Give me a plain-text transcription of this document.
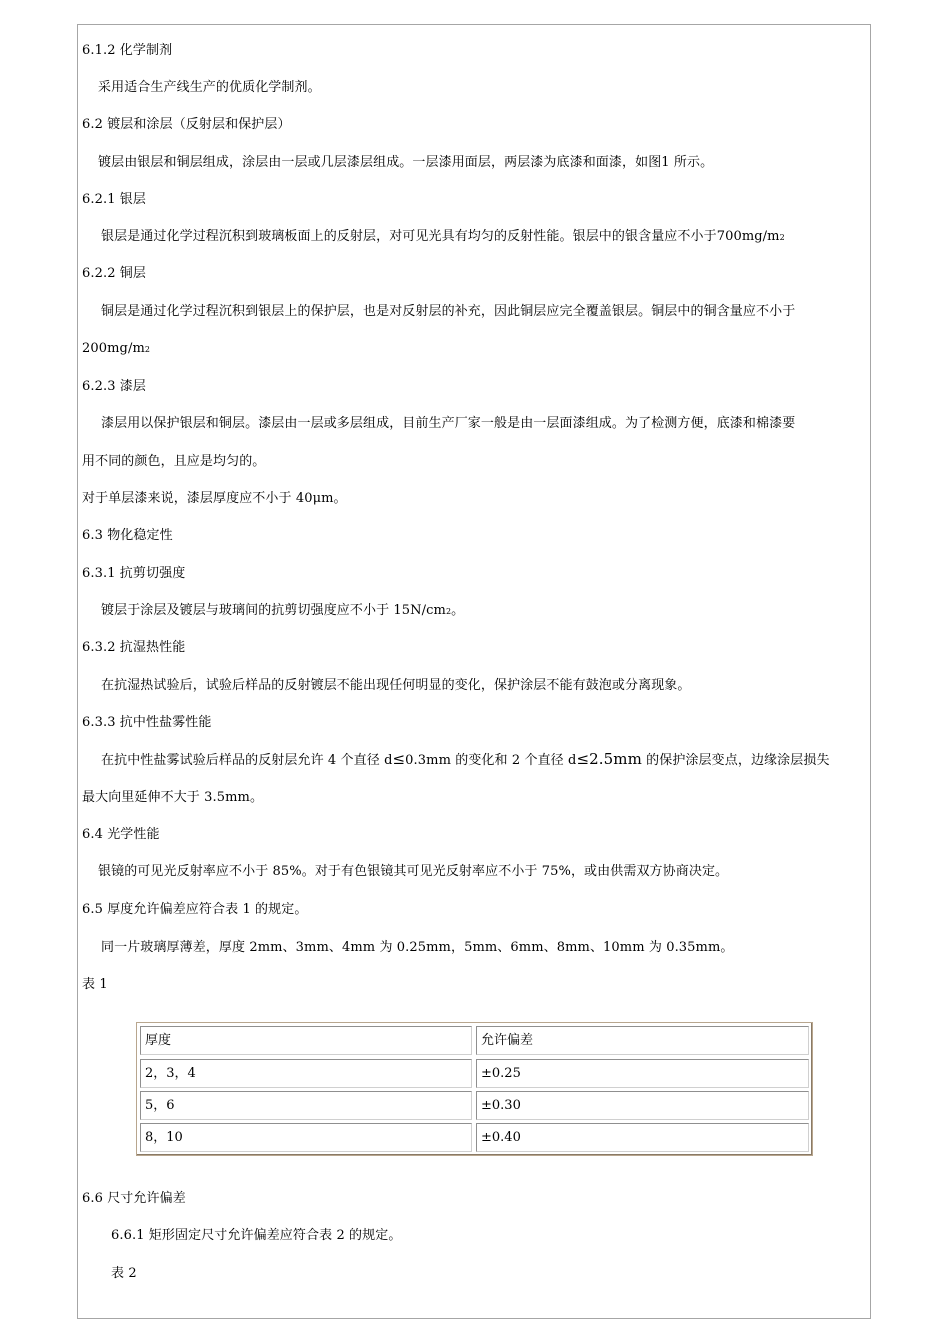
6.1.2 化学制剂
采用适合生产线生产的优质化学制剂。
6.2 镀层和涂层（反射层和保护层）
镀层由银层和铜层组成，涂层由一层或几层漆层组成。一层漆用面层，两层漆为底漆和面漆，如图1 所示。
6.2.1 银层
银层是通过化学过程沉积到玻璃板面上的反射层，对可见光具有均匀的反射性能。银层中的银含量应不小于700mg/m2
6.2.2 铜层
铜层是通过化学过程沉积到银层上的保护层，也是对反射层的补充，因此铜层应完全覆盖银层。铜层中的铜含量应不小于
200mg/m2
6.2.3 漆层
漆层用以保护银层和铜层。漆层由一层或多层组成，目前生产厂家一般是由一层面漆组成。为了检测方便，底漆和棉漆要
用不同的颜色，且应是均匀的。
对于单层漆来说，漆层厚度应不小于 40μm。
6.3 物化稳定性
6.3.1 抗剪切强度
镀层于涂层及镀层与玻璃间的抗剪切强度应不小于 15N/cm2。
6.3.2 抗湿热性能
在抗湿热试验后，试验后样品的反射镀层不能出现任何明显的变化，保护涂层不能有鼓泡或分离现象。
6.3.3 抗中性盐雾性能
在抗中性盐雾试验后样品的反射层允许 4 个直径 d≤0.3mm 的变化和 2 个直径 d≤2.5mm 的保护涂层变点，边缘涂层损失
最大向里延伸不大于 3.5mm。
6.4 光学性能
银镜的可见光反射率应不小于 85%。对于有色银镜其可见光反射率应不小于 75%，或由供需双方协商决定。
6.5 厚度允许偏差应符合表 1 的规定。
同一片玻璃厚薄差，厚度 2mm、3mm、4mm 为 0.25mm，5mm、6mm、8mm、10mm 为 0.35mm。
表 1
厚度	允许偏差
2，3，4	±0.25
5，6	±0.30
8，10	±0.40
6.6 尺寸允许偏差
6.6.1 矩形固定尺寸允许偏差应符合表 2 的规定。
表 2
